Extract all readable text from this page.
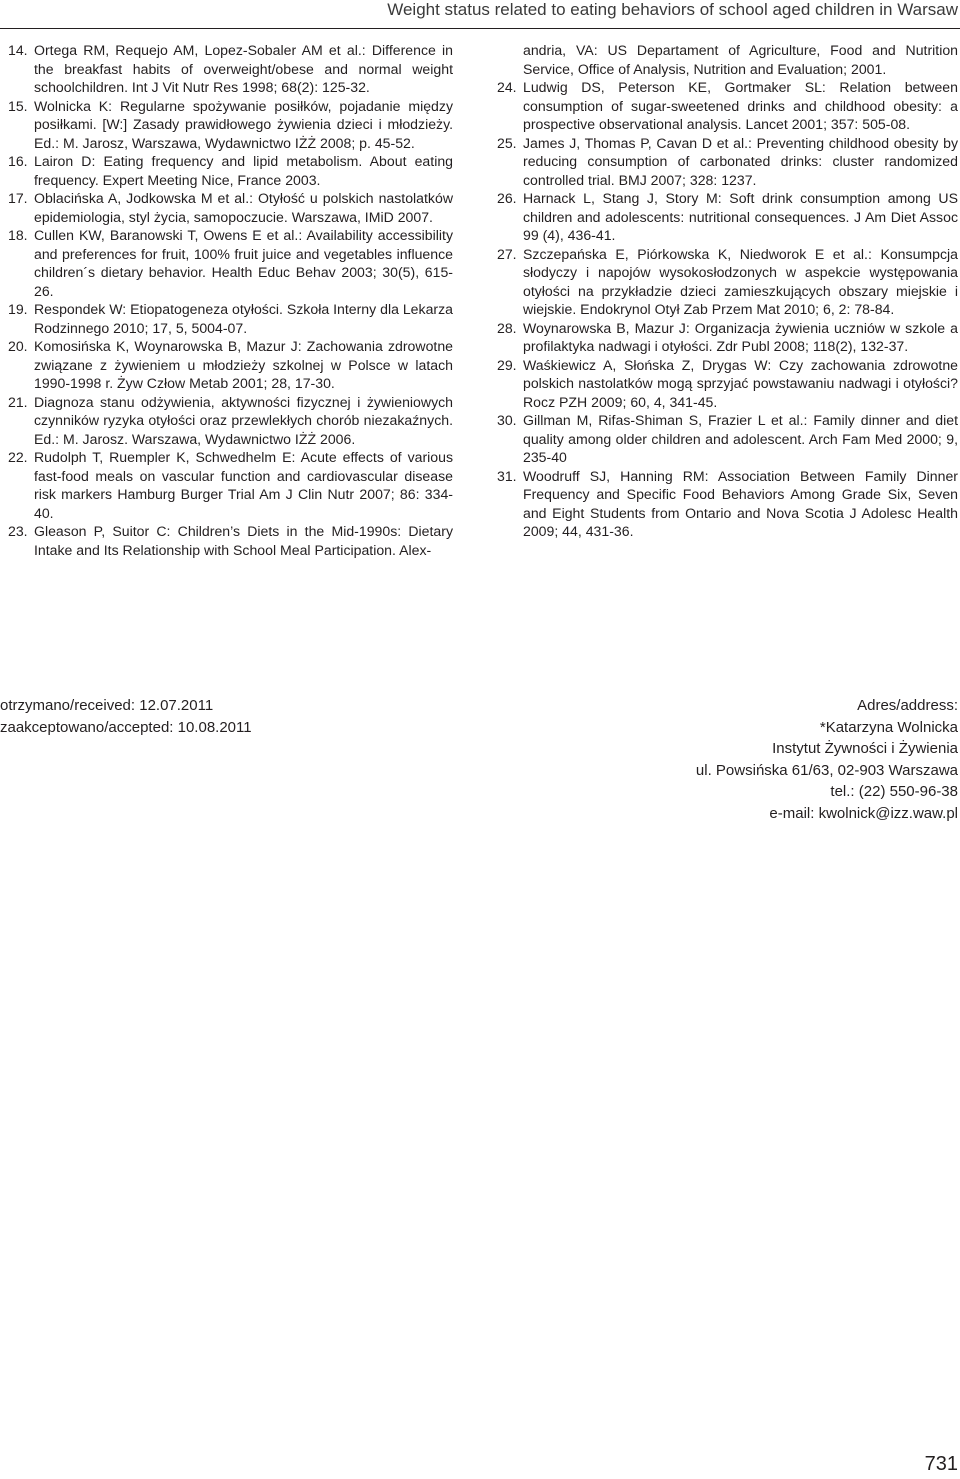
Weight status related to eating behaviors of school aged children in Warsaw
14. Ortega RM, Requejo AM, Lopez-Sobaler AM et al.: Difference in the breakfast habits of overweight/obese and normal weight schoolchildren. Int J Vit Nutr Res 1998; 68(2): 125-32.
15. Wolnicka K: Regularne spożywanie posiłków, pojadanie między posiłkami. [W:] Zasady prawidłowego żywienia dzieci i młodzieży. Ed.: M. Jarosz, Warszawa, Wydawnictwo IŻŻ 2008; p. 45-52.
16. Lairon D: Eating frequency and lipid metabolism. About eating frequency. Expert Meeting Nice, France 2003.
17. Oblacińska A, Jodkowska M et al.: Otyłość u polskich nastolatków epidemiologia, styl życia, samopoczucie. Warszawa, IMiD 2007.
18. Cullen KW, Baranowski T, Owens E et al.: Availability accessibility and preferences for fruit, 100% fruit juice and vegetables influence children´s dietary behavior. Health Educ Behav 2003; 30(5), 615-26.
19. Respondek W: Etiopatogeneza otyłości. Szkoła Interny dla Lekarza Rodzinnego 2010; 17, 5, 5004-07.
20. Komosińska K, Woynarowska B, Mazur J: Zachowania zdrowotne związane z żywieniem u młodzieży szkolnej w Polsce w latach 1990-1998 r. Żyw Człow Metab 2001; 28, 17-30.
21. Diagnoza stanu odżywienia, aktywności fizycznej i żywieniowych czynników ryzyka otyłości oraz przewlekłych chorób niezakaźnych. Ed.: M. Jarosz. Warszawa, Wydawnictwo IŻŻ 2006.
22. Rudolph T, Ruempler K, Schwedhelm E: Acute effects of various fast-food meals on vascular function and cardiovascular disease risk markers Hamburg Burger Trial Am J Clin Nutr 2007; 86: 334-40.
23. Gleason P, Suitor C: Children’s Diets in the Mid-1990s: Dietary Intake and Its Relationship with School Meal Participation. Alex-
andria, VA: US Departament of Agriculture, Food and Nutrition Service, Office of Analysis, Nutrition and Evaluation; 2001.
24. Ludwig DS, Peterson KE, Gortmaker SL: Relation between consumption of sugar-sweetened drinks and childhood obesity: a prospective observational analysis. Lancet 2001; 357: 505-08.
25. James J, Thomas P, Cavan D et al.: Preventing childhood obesity by reducing consumption of carbonated drinks: cluster randomized controlled trial. BMJ 2007; 328: 1237.
26. Harnack L, Stang J, Story M: Soft drink consumption among US children and adolescents: nutritional consequences. J Am Diet Assoc 99 (4), 436-41.
27. Szczepańska E, Piórkowska K, Niedworok E et al.: Konsumpcja słodyczy i napojów wysokosłodzonych w aspekcie występowania otyłości na przykładzie dzieci zamieszkujących obszary miejskie i wiejskie. Endokrynol Otył Zab Przem Mat 2010; 6, 2: 78-84.
28. Woynarowska B, Mazur J: Organizacja żywienia uczniów w szkole a profilaktyka nadwagi i otyłości. Zdr Publ 2008; 118(2), 132-37.
29. Waśkiewicz A, Słońska Z, Drygas W: Czy zachowania zdrowotne polskich nastolatków mogą sprzyjać powstawaniu nadwagi i otyłości? Rocz PZH 2009; 60, 4, 341-45.
30. Gillman M, Rifas-Shiman S, Frazier L et al.: Family dinner and diet quality among older children and adolescent. Arch Fam Med 2000; 9, 235-40
31. Woodruff SJ, Hanning RM: Association Between Family Dinner Frequency and Specific Food Behaviors Among Grade Six, Seven and Eight Students from Ontario and Nova Scotia J Adolesc Health 2009; 44, 431-36.
otrzymano/received: 12.07.2011
zaakceptowano/accepted: 10.08.2011
Adres/address:
*Katarzyna Wolnicka
Instytut Żywności i Żywienia
ul. Powsińska 61/63, 02-903 Warszawa
tel.: (22) 550-96-38
e-mail: kwolnick@izz.waw.pl
731
